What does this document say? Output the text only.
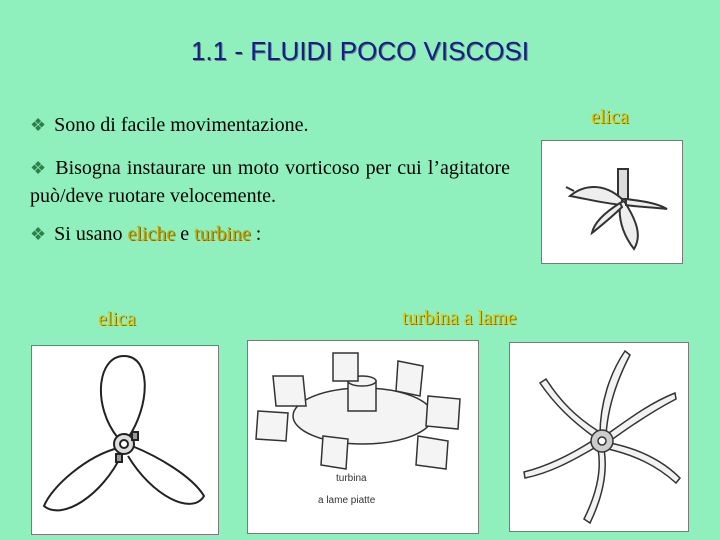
1.1 - FLUIDI POCO VISCOSI
❖ Sono di facile movimentazione.
❖ Bisogna instaurare un moto vorticoso per cui l’agitatore può/deve ruotare velocemente.
❖ Si usano eliche e turbine :
elica
elica	turbina a lame
turbina
a lame piatte
